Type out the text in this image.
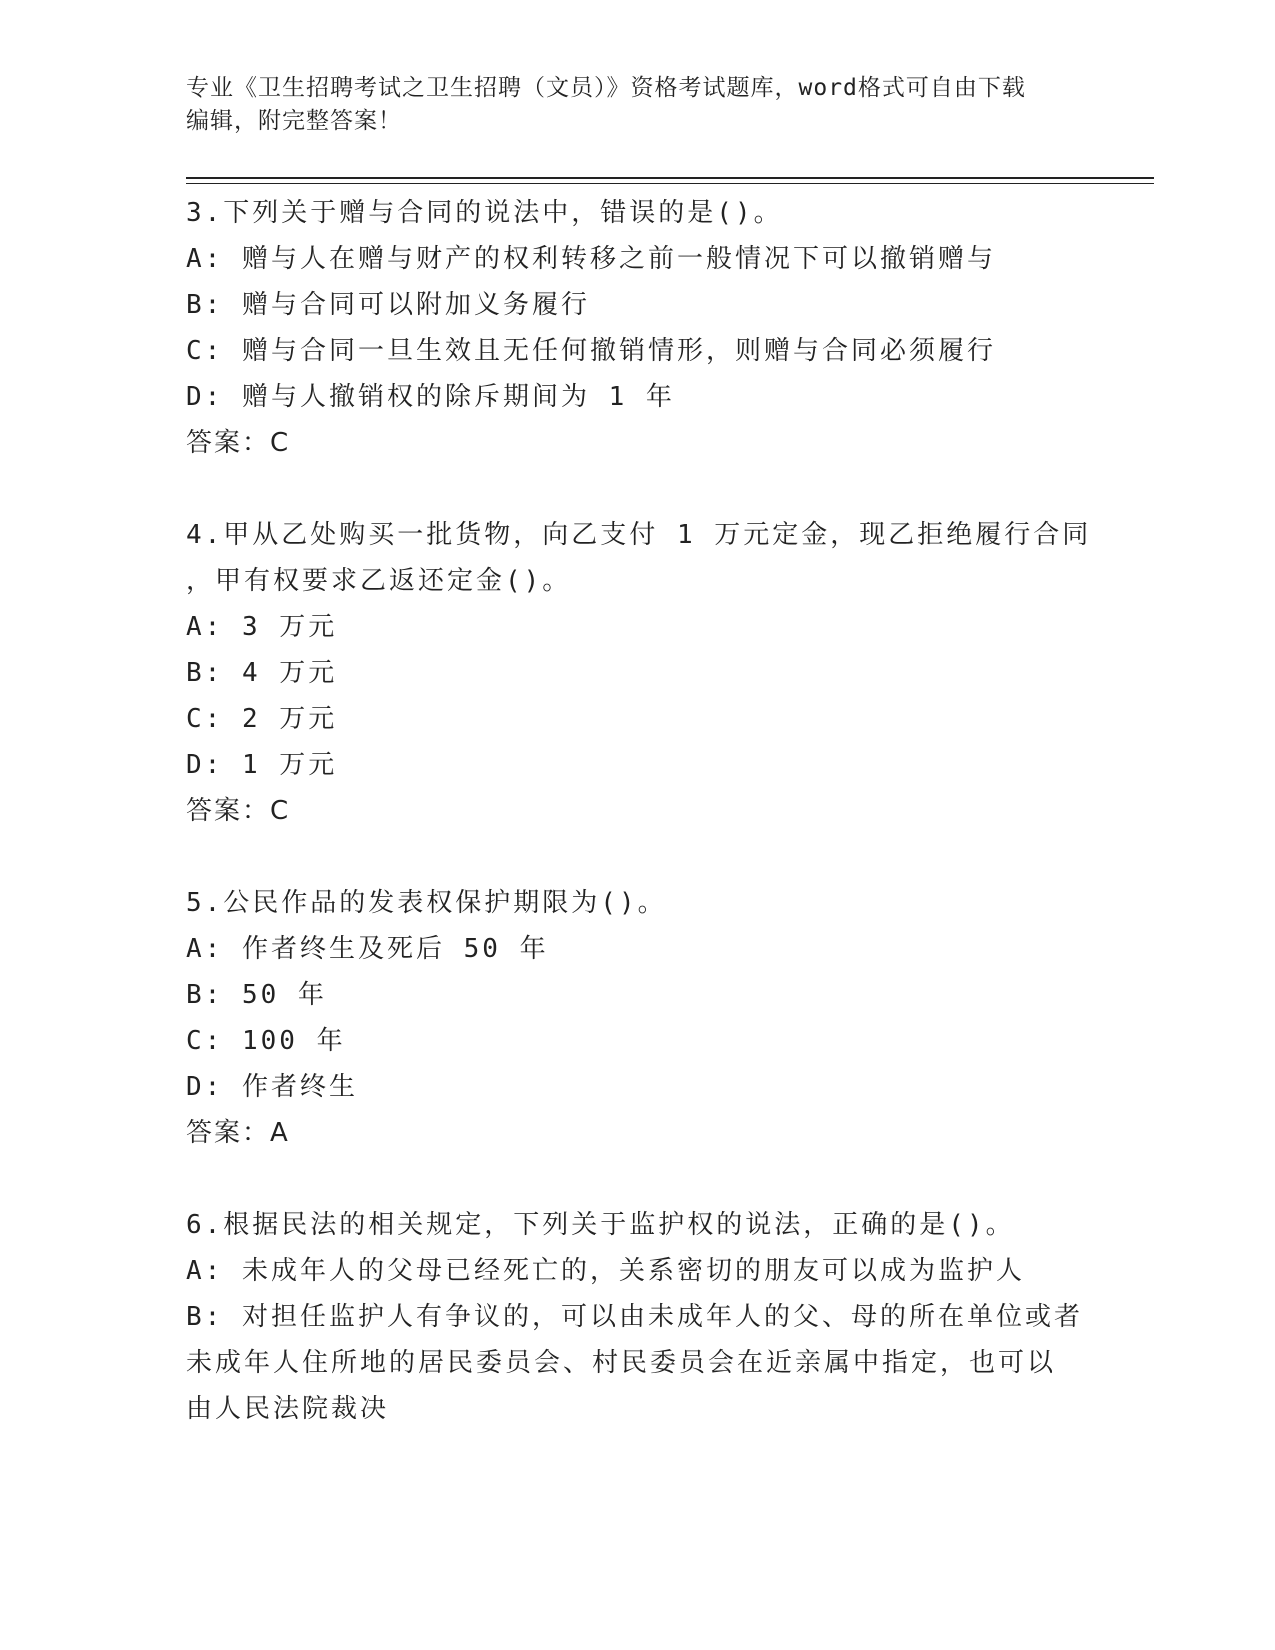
专业《卫生招聘考试之卫生招聘（文员）》资格考试题库，word格式可自由下载
编辑，附完整答案！
3.下列关于赠与合同的说法中，错误的是()。
A: 赠与人在赠与财产的权利转移之前一般情况下可以撤销赠与
B: 赠与合同可以附加义务履行
C: 赠与合同一旦生效且无任何撤销情形，则赠与合同必须履行
D: 赠与人撤销权的除斥期间为 1 年
答案：C
4.甲从乙处购买一批货物，向乙支付 1 万元定金，现乙拒绝履行合同
，甲有权要求乙返还定金()。
A: 3 万元
B: 4 万元
C: 2 万元
D: 1 万元
答案：C
5.公民作品的发表权保护期限为()。
A: 作者终生及死后 50 年
B: 50 年
C: 100 年
D: 作者终生
答案：A
6.根据民法的相关规定，下列关于监护权的说法，正确的是()。
A: 未成年人的父母已经死亡的，关系密切的朋友可以成为监护人
B: 对担任监护人有争议的，可以由未成年人的父、母的所在单位或者
未成年人住所地的居民委员会、村民委员会在近亲属中指定，也可以
由人民法院裁决
